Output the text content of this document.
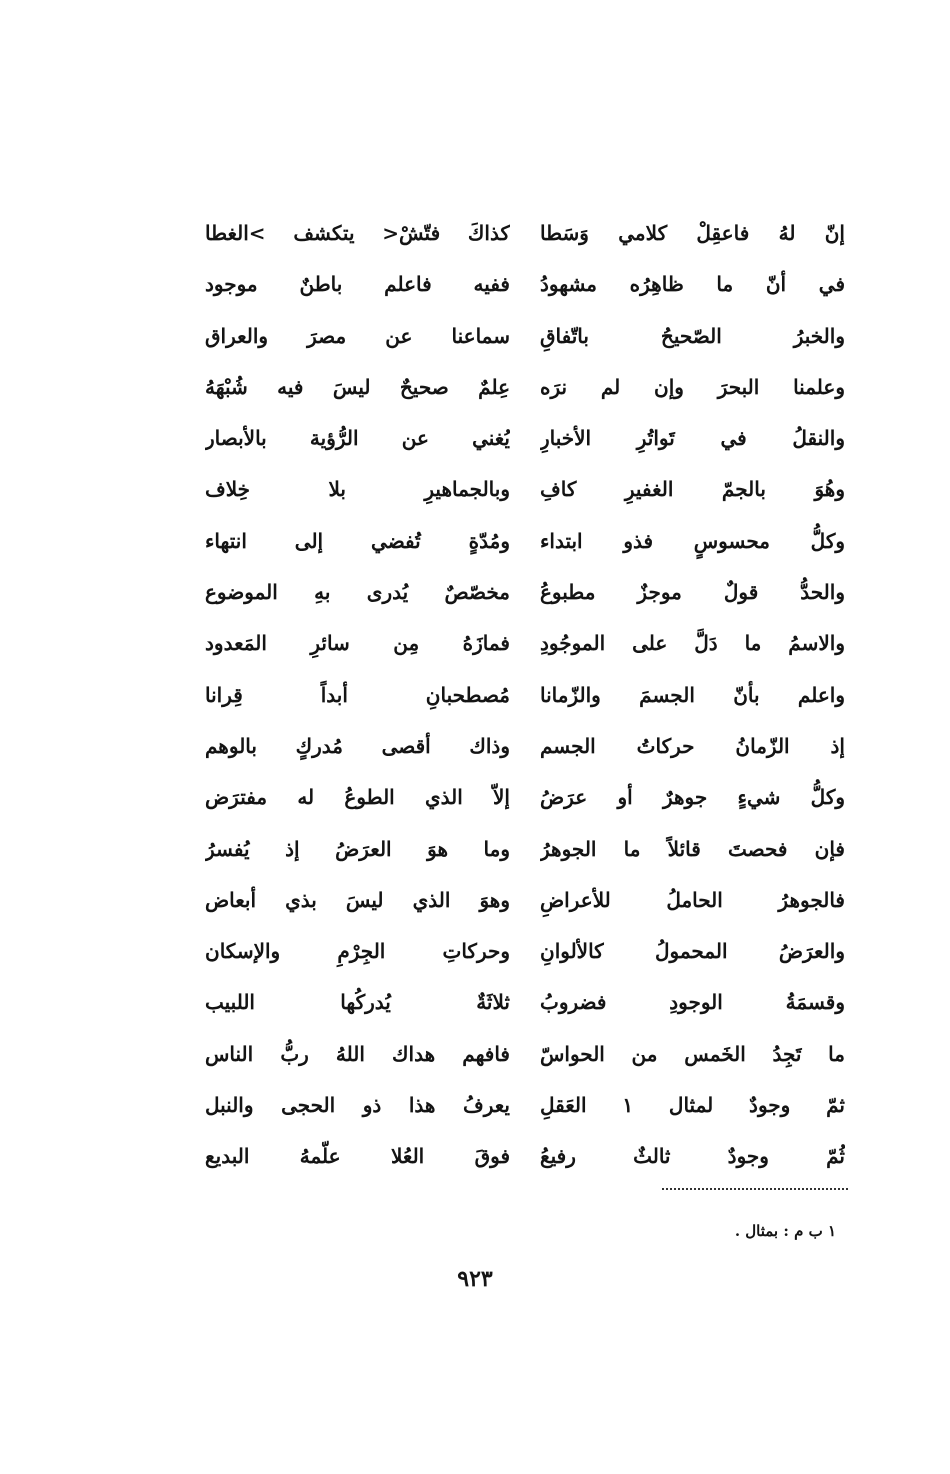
إنّ لهُ فاعقِلْ كلامي وَسَطا
كذاكَ فتّشْ< يتكشف >الغطا
في أنّ ما ظاهِرُه مشهودُ
ففيه فاعلم باطنٌ موجود
والخبرُ الصّحيحُ باتّفاقِ
سماعنا عن مصرَ والعراق
وعلمنا البحرَ وإن لم نرَه
عِلمٌ صحيحٌ ليسَ فيه شُبْهَهُ
والنقلُ في تَواتُرِ الأخبارِ
يُغني عن الرُّؤية بالأبصار
وهُوَ بالجمّ الغفيرِ كافِ
وبالجماهيرِ بلا خِلاف
وكلُّ محسوسٍ فذو ابتداء
ومُدّةٍ تُفضي إلى انتهاء
والحدُّ قولٌ موجزٌ مطبوعُ
مخصّصٌ يُدرى بهِ الموضوع
والاسمُ ما دَلَّ على الموجُودِ
فمازَهُ مِن سائرِ المَعدود
واعلم بأنّ الجسمَ والزّمانا
مُصطحبانِ أبداً قِرانا
إذ الزّمانُ حركاتُ الجسم
وذاك أقصى مُدركٍ بالوهم
وكلُّ شيءٍ جوهرٌ أو عرَضُ
إلاّ الذي الطوعُ له مفترَض
فإن فحصتَ قائلاً ما الجوهرُ
وما هوَ العرَضُ إذ يُفسرُ
فالجوهرُ الحاملُ للأعراضِ
وهوَ الذي ليسَ بذي أبعاض
والعرَضُ المحمولُ كالألوانِ
وحركاتِ الجِرْمِ والإسكان
وقسمَةُ الوجودِ فضروبُ
ثلاثَةٌ يُدركُها اللبيب
ما تَجِدُ الخَمس من الحواسّ
فافهم هداك اللهُ ربُّ الناس
ثمّ وجودٌ لمثال ١ العَقلِ
يعرفُ هذا ذو الحجى والنبل
ثُمّ وجودٌ ثالثٌ رفيعُ
فوقَ العُلا علّمهُ البديع
١ ب م : بمثال .
٩٢٣
